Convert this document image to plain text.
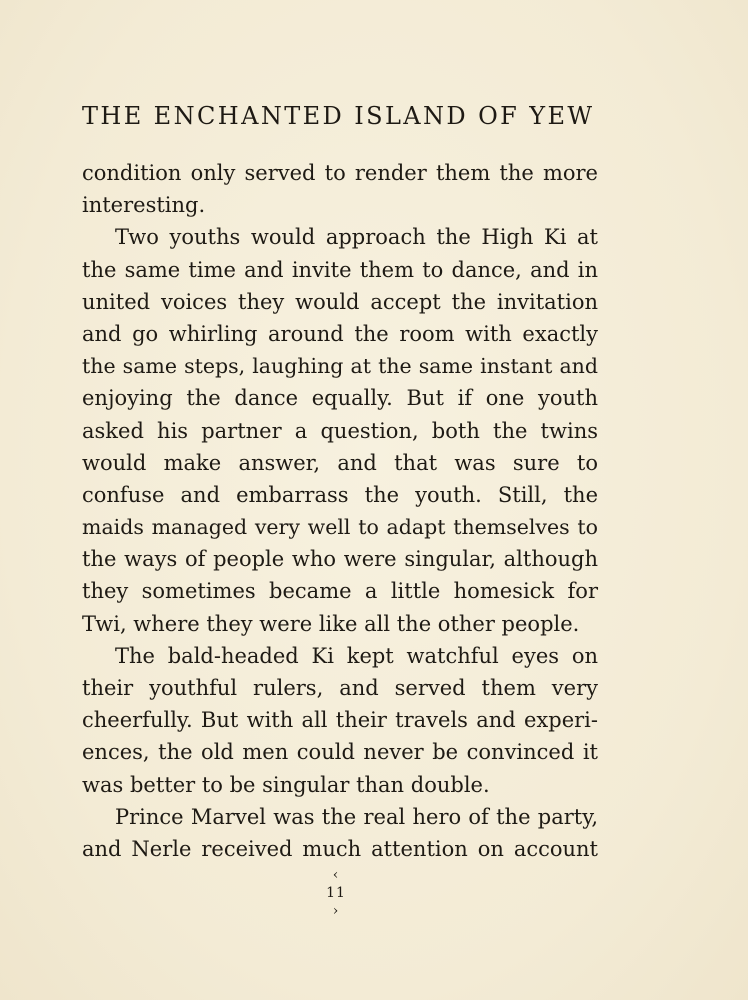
THE ENCHANTED ISLAND OF YEW
condition only served to render them the more
interesting.
Two youths would approach the High Ki at
the same time and invite them to dance, and in
united voices they would accept the invitation
and go whirling around the room with exactly
the same steps, laughing at the same instant and
enjoying the dance equally. But if one youth
asked his partner a question, both the twins
would make answer, and that was sure to
confuse and embarrass the youth. Still, the
maids managed very well to adapt themselves to
the ways of people who were singular, although
they sometimes became a little homesick for
Twi, where they were like all the other people.
The bald-headed Ki kept watchful eyes on
their youthful rulers, and served them very
cheerfully. But with all their travels and experi-
ences, the old men could never be convinced it
was better to be singular than double.
Prince Marvel was the real hero of the party,
and Nerle received much attention on account
‹ 11 ›
